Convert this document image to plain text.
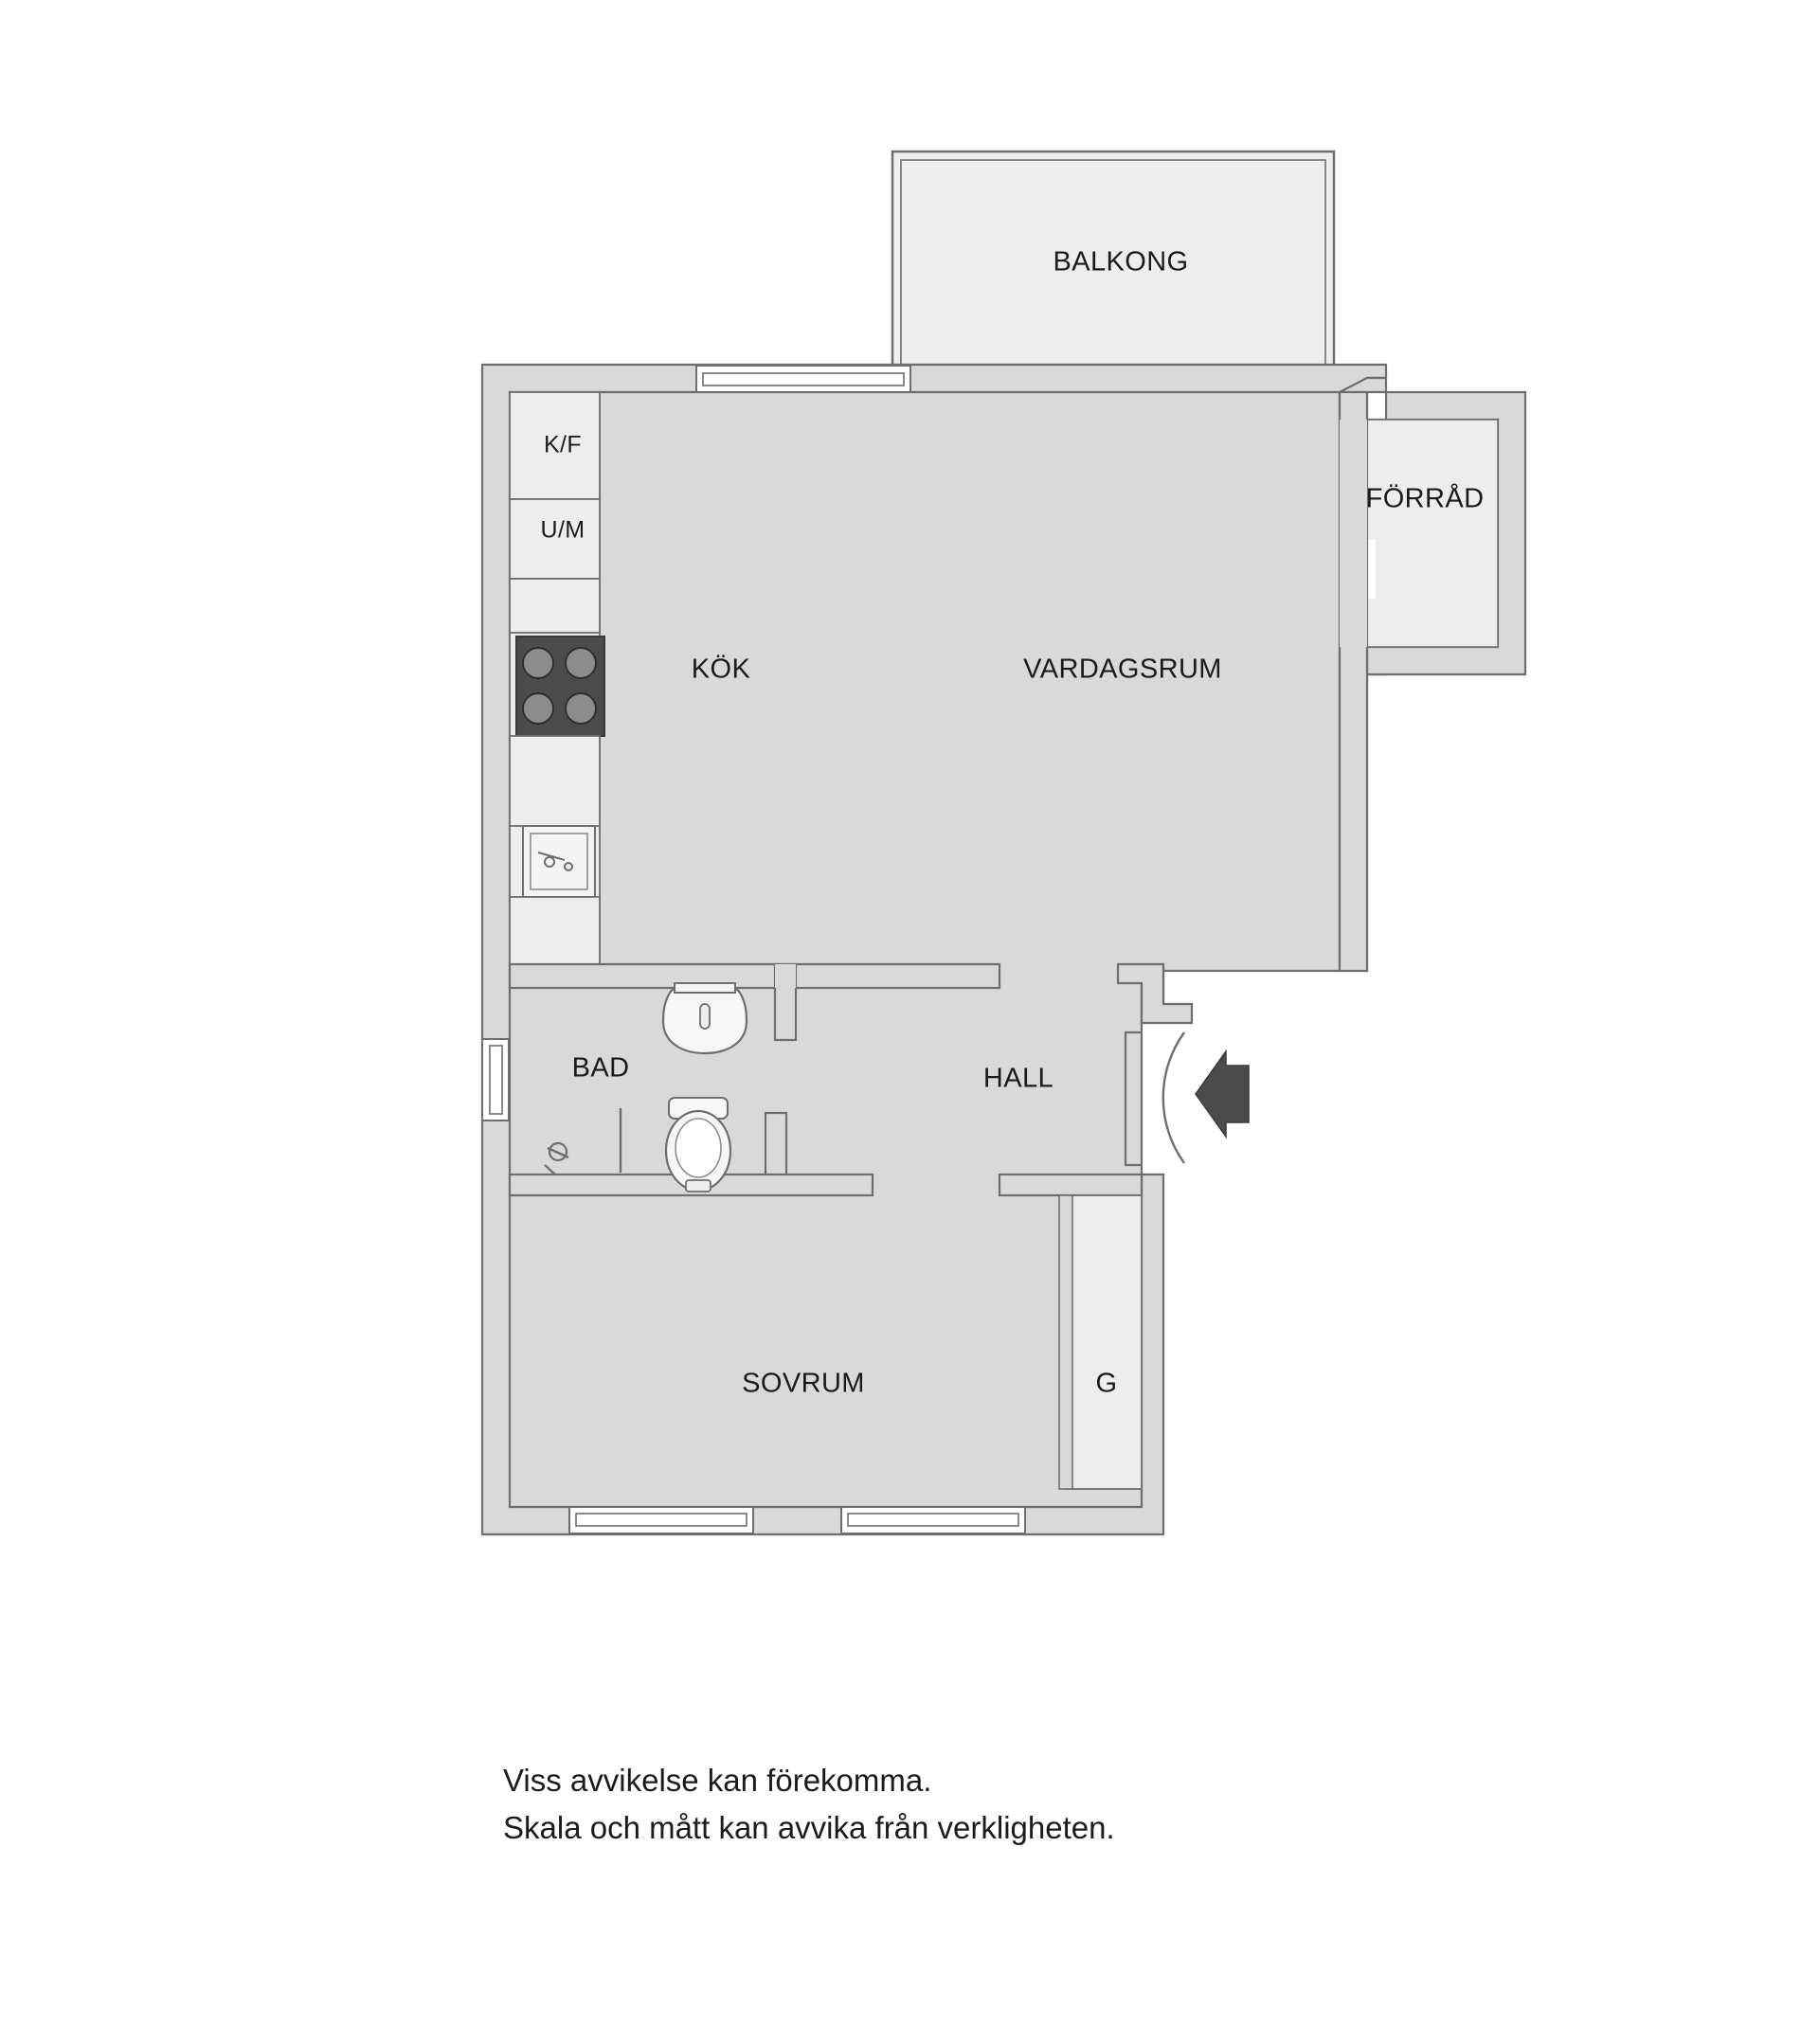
BALKONG
FÖRRÅD
KÖK	VARDAGSRUM
BAD	HALL
SOVRUM
K/F
U/M
G
Viss avvikelse kan förekomma.
Skala och mått kan avvika från verkligheten.
